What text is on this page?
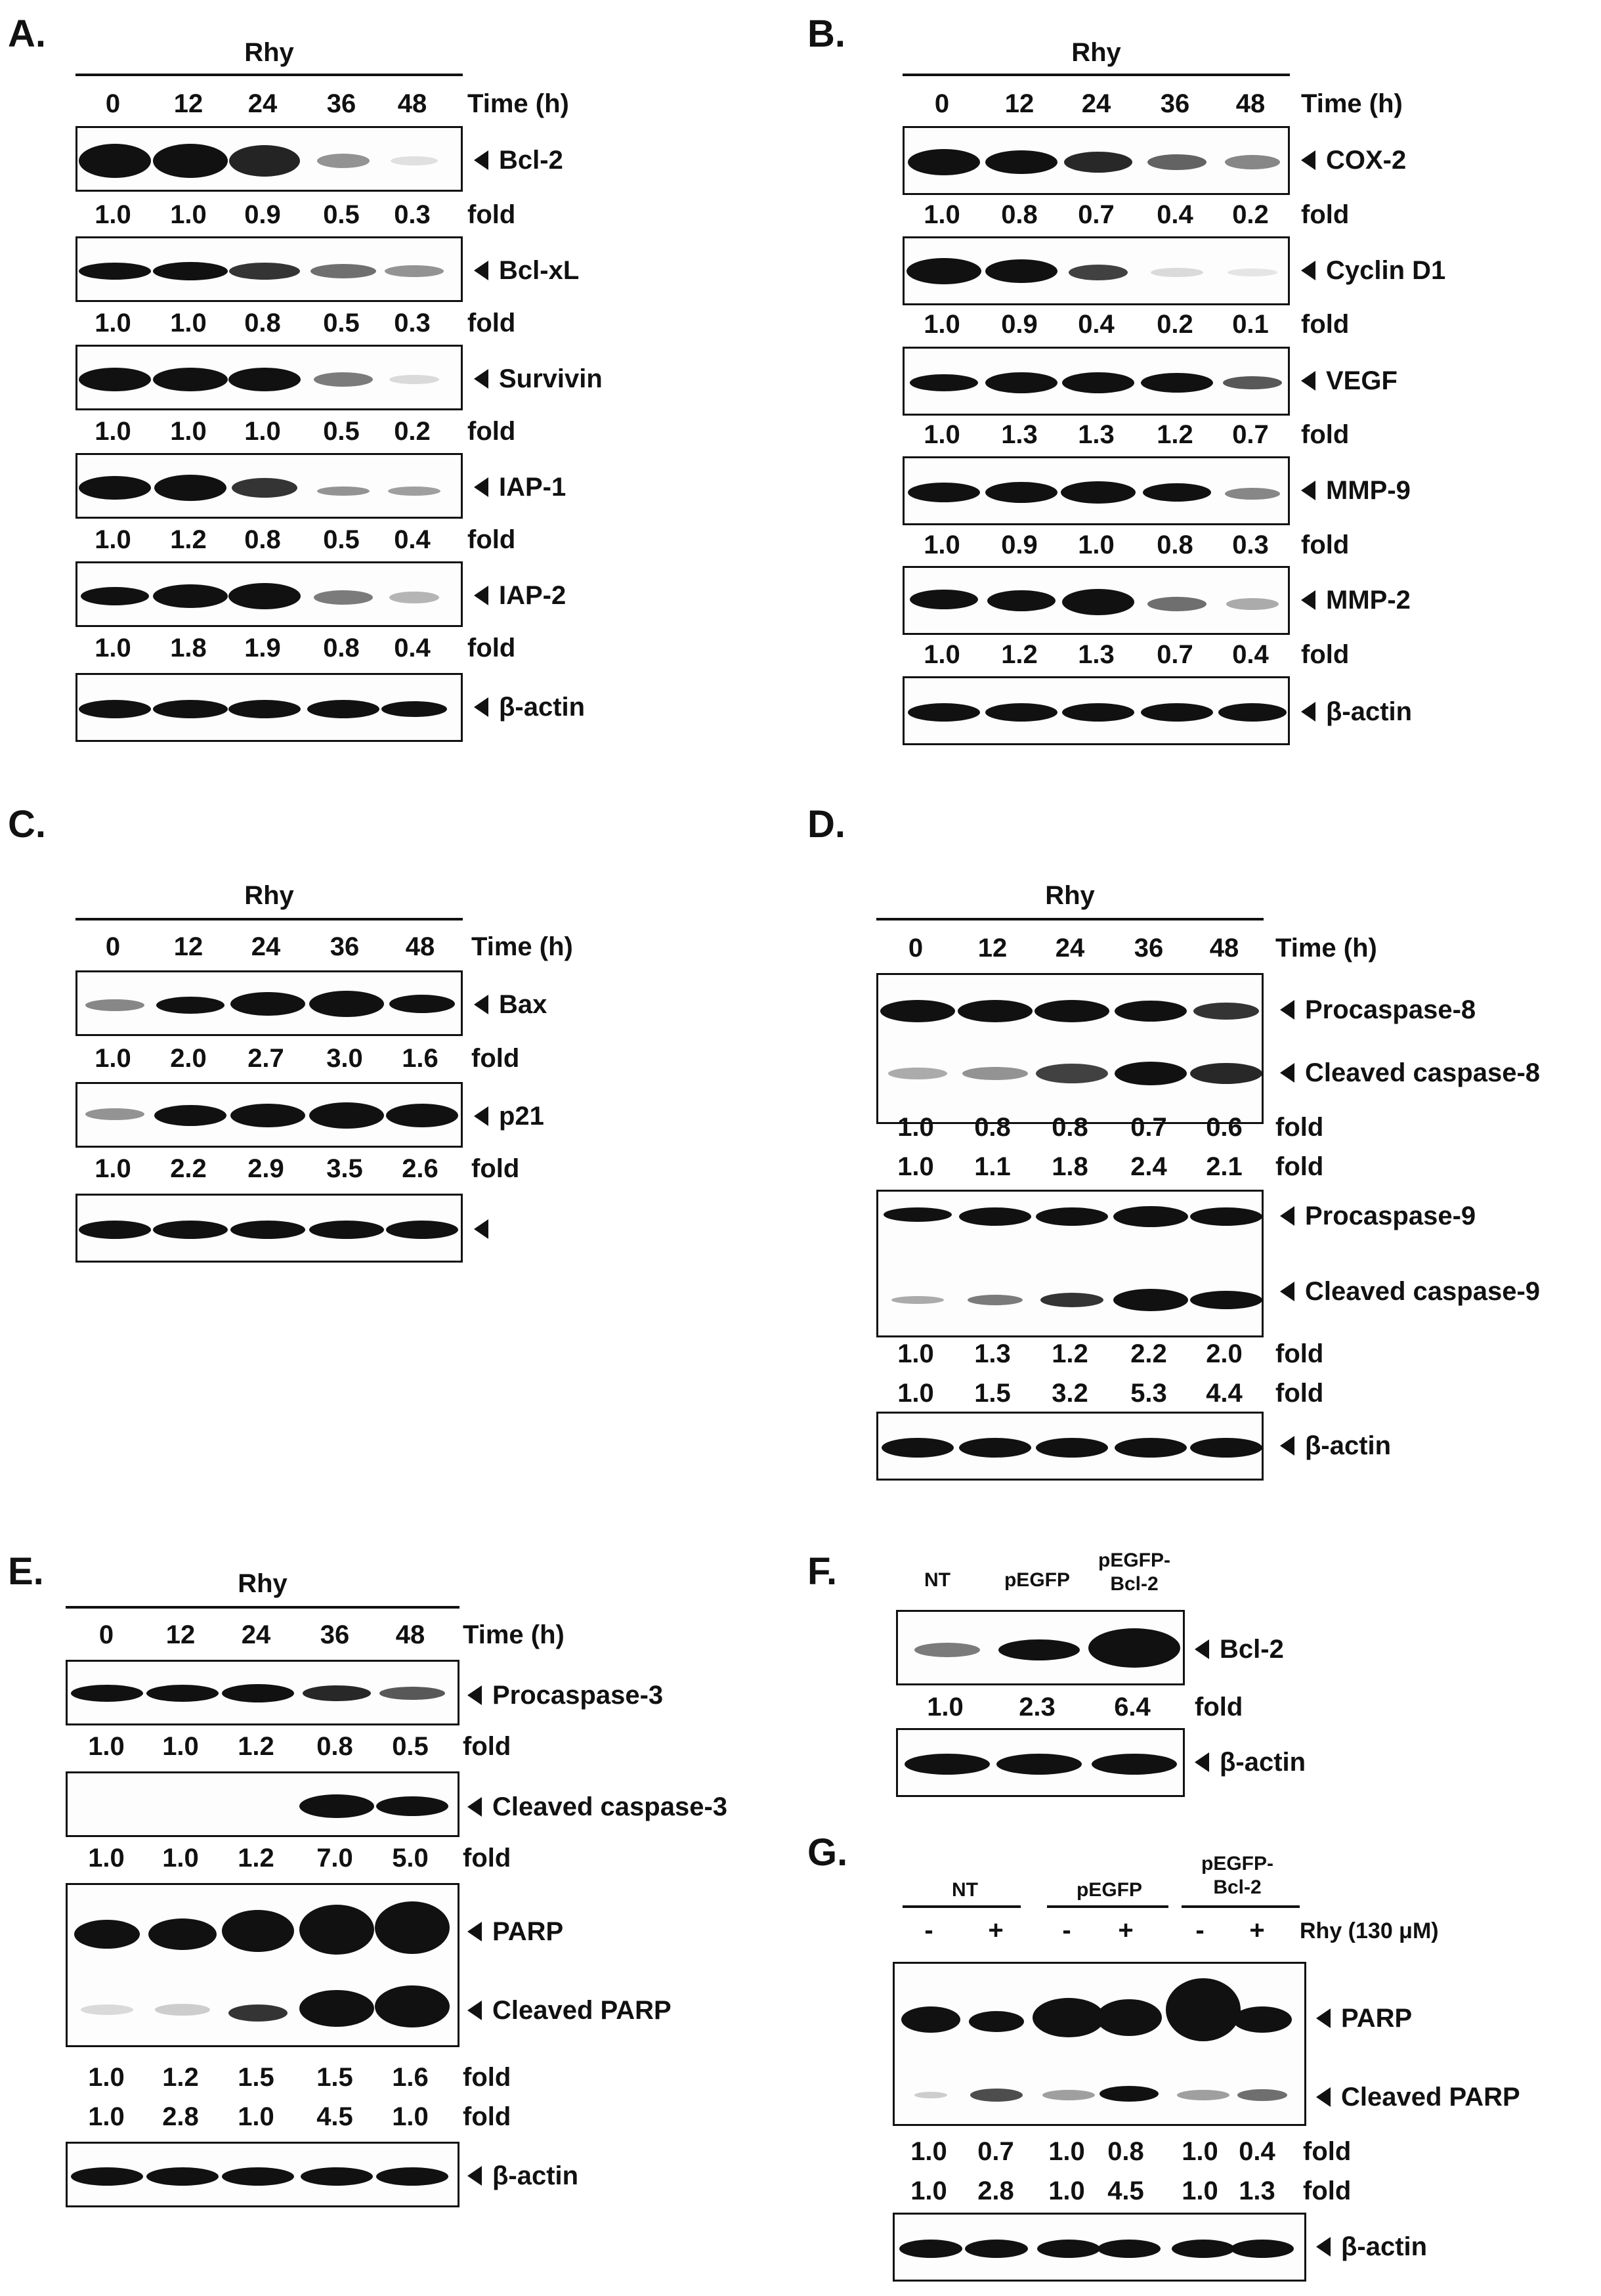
A.	Rhy
0	12	24	36	48	Time (h)
Bcl-2
1.0	1.0	0.9	0.5	0.3	fold
Bcl-xL
1.0	1.0	0.8	0.5	0.3	fold
Survivin
1.0	1.0	1.0	0.5	0.2	fold
IAP-1
1.0	1.2	0.8	0.5	0.4	fold
IAP-2
1.0	1.8	1.9	0.8	0.4	fold
β-actin
B.	Rhy
0	12	24	36	48	Time (h)
COX-2
1.0	0.8	0.7	0.4	0.2	fold
Cyclin D1
1.0	0.9	0.4	0.2	0.1	fold
VEGF
1.0	1.3	1.3	1.2	0.7	fold
MMP-9
1.0	0.9	1.0	0.8	0.3	fold
MMP-2
1.0	1.2	1.3	0.7	0.4	fold
β-actin
C.
Rhy
0	12	24	36	48	Time (h)
Bax
1.0	2.0	2.7	3.0	1.6	fold
p21
1.0	2.2	2.9	3.5	2.6	fold
D.
Rhy
0	12	24	36	48	Time (h)
Procaspase-8
Cleaved caspase-8
1.0	0.8	0.8	0.7	0.6	fold
1.0	1.1	1.8	2.4	2.1	fold
Procaspase-9
Cleaved caspase-9
1.0	1.3	1.2	2.2	2.0	fold
1.0	1.5	3.2	5.3	4.4	fold
β-actin
E.	Rhy
0	12	24	36	48	Time (h)
Procaspase-3
1.0	1.0	1.2	0.8	0.5	fold
Cleaved caspase-3
1.0	1.0	1.2	7.0	5.0	fold
PARP
Cleaved PARP
1.0	1.2	1.5	1.5	1.6	fold
1.0	2.8	1.0	4.5	1.0	fold
β-actin
F.	NT	pEGFP
pEGFP-
Bcl-2
Bcl-2
1.0	2.3	6.4	fold
β-actin
G.
NT	pEGFP
pEGFP-
Bcl-2
-	+	-	+	-	+	Rhy (130 μM)
PARP
Cleaved PARP
1.0	0.7	1.0 0.8	1.0 0.4	fold
1.0	2.8	1.0 4.5	1.0 1.3	fold
β-actin
